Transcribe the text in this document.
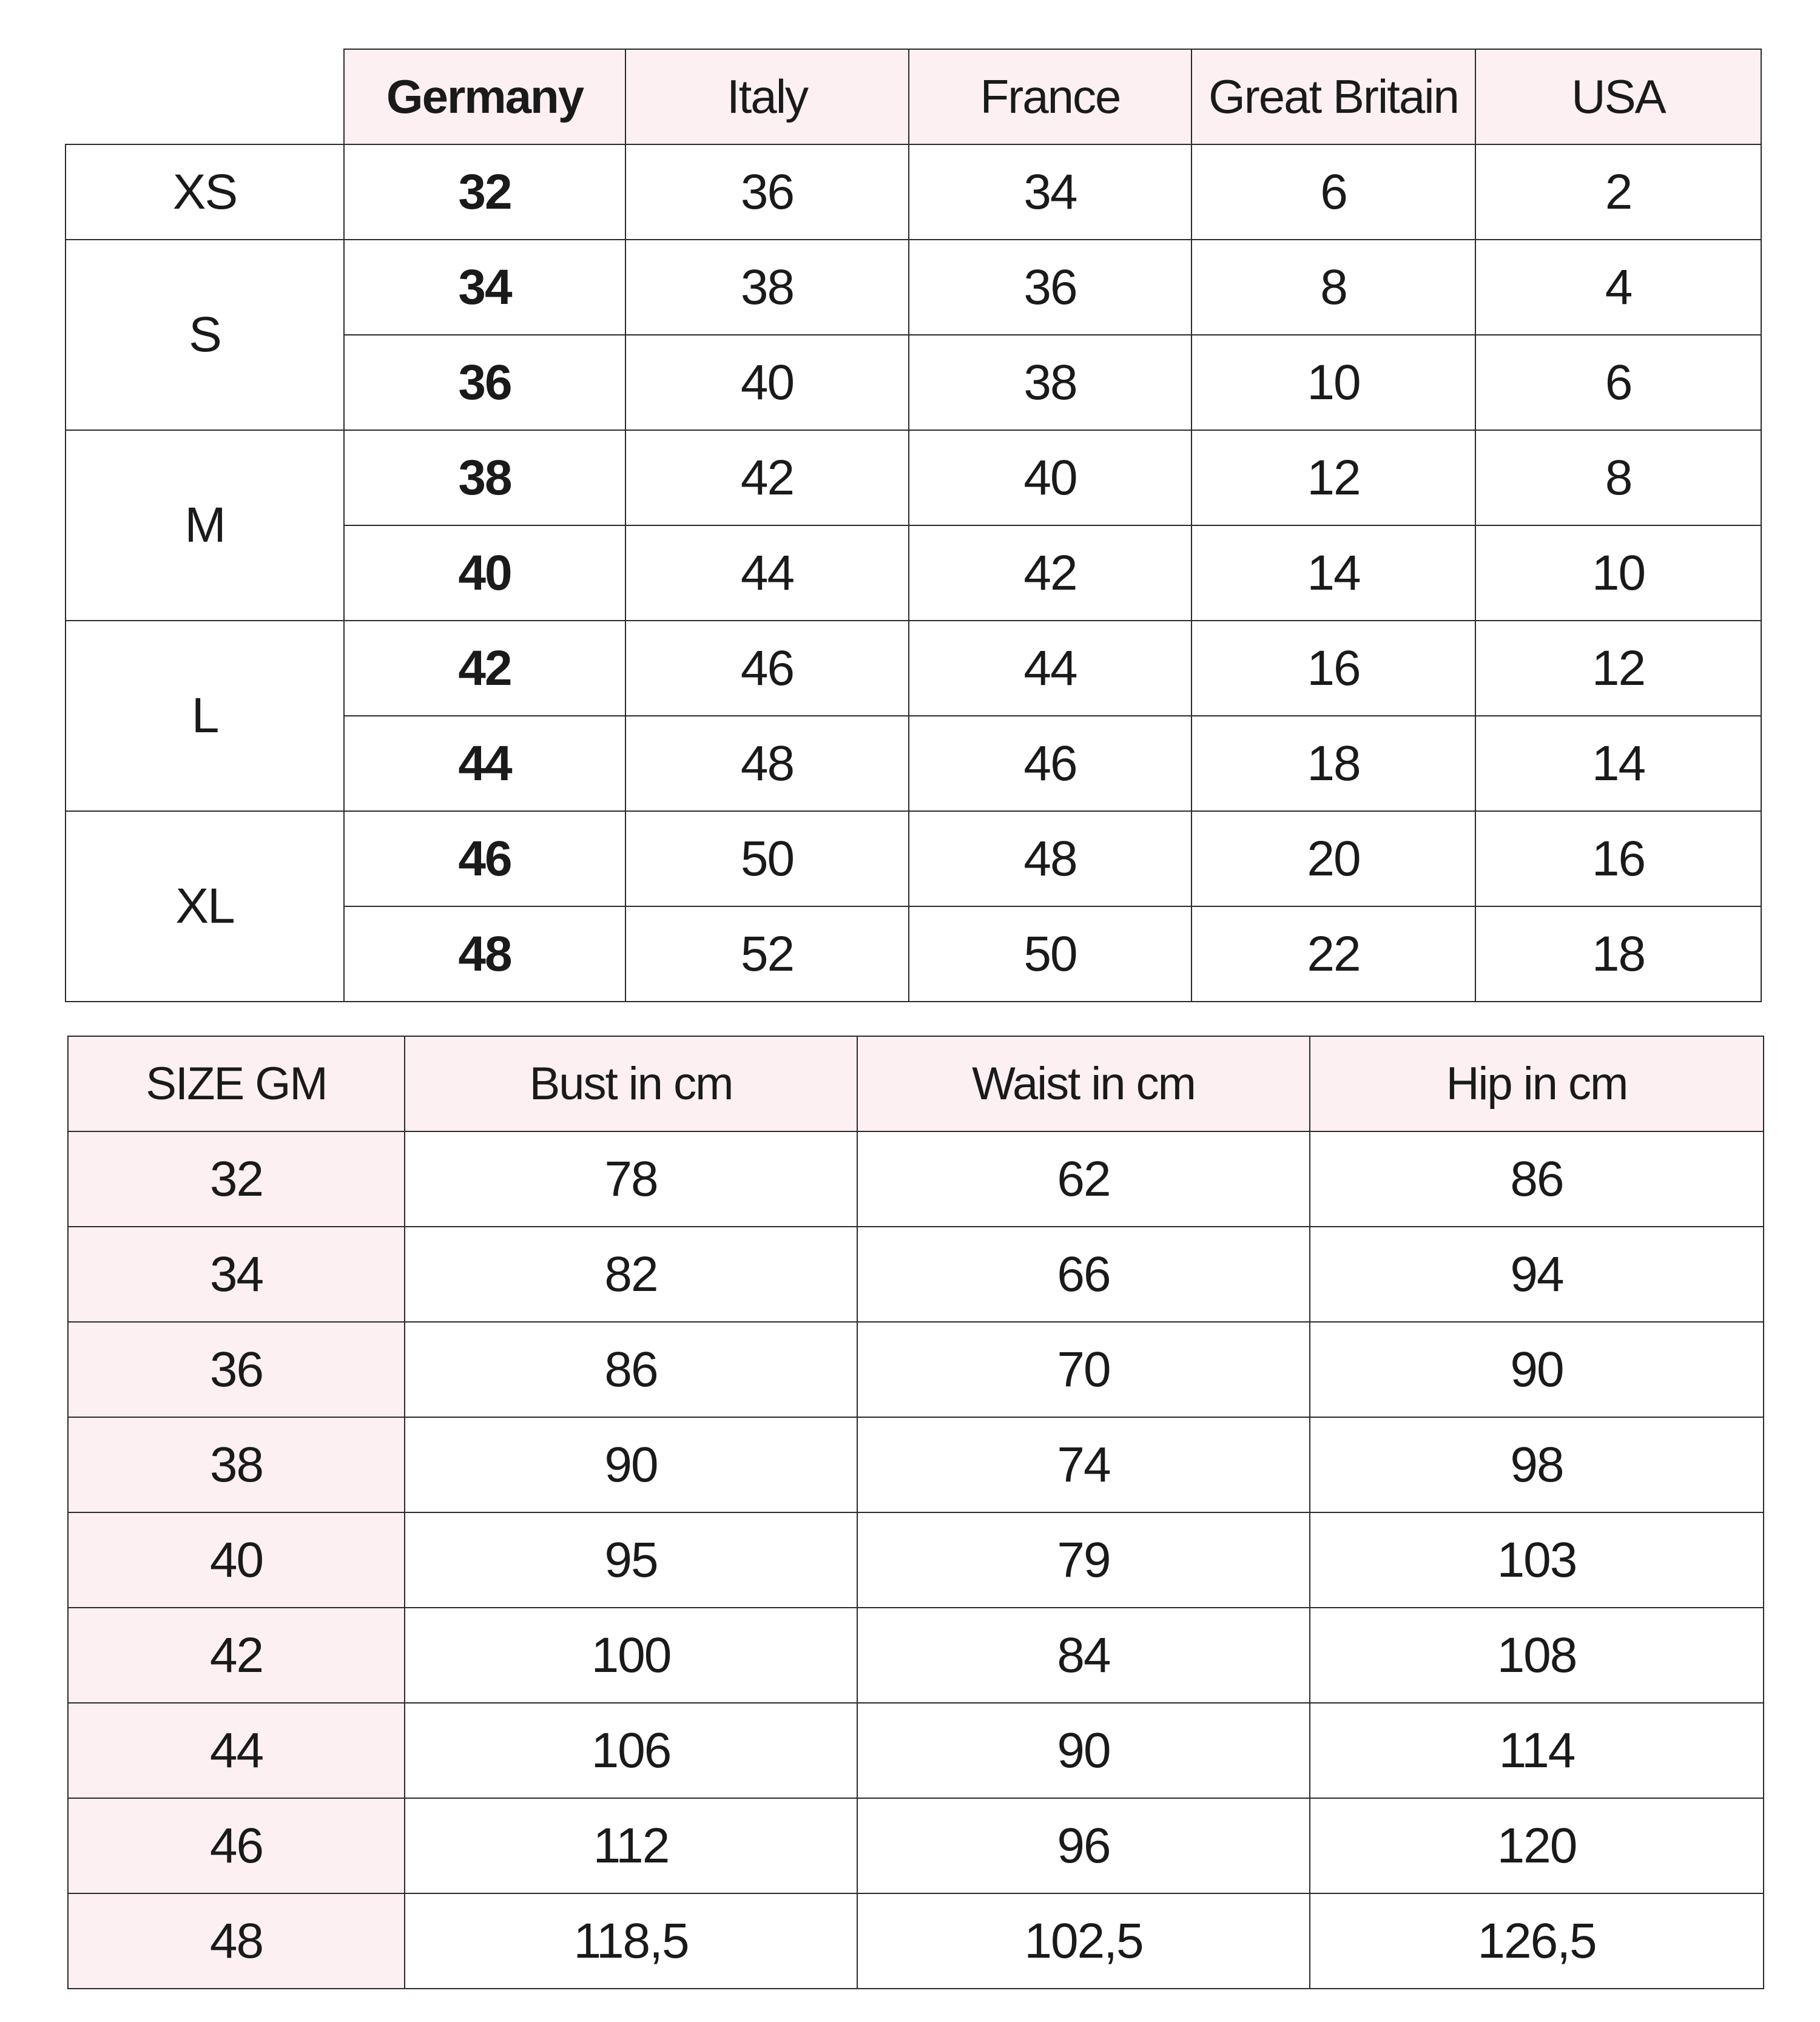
	Germany	Italy	France	Great Britain	USA
XS	32	36	34	6	2
S	34	38	36	8	4
	36	40	38	10	6
M	38	42	40	12	8
	40	44	42	14	10
L	42	46	44	16	12
	44	48	46	18	14
XL	46	50	48	20	16
	48	52	50	22	18
SIZE GM	Bust in cm	Waist in cm	Hip in cm
32	78	62	86
34	82	66	94
36	86	70	90
38	90	74	98
40	95	79	103
42	100	84	108
44	106	90	114
46	112	96	120
48	118,5	102,5	126,5
